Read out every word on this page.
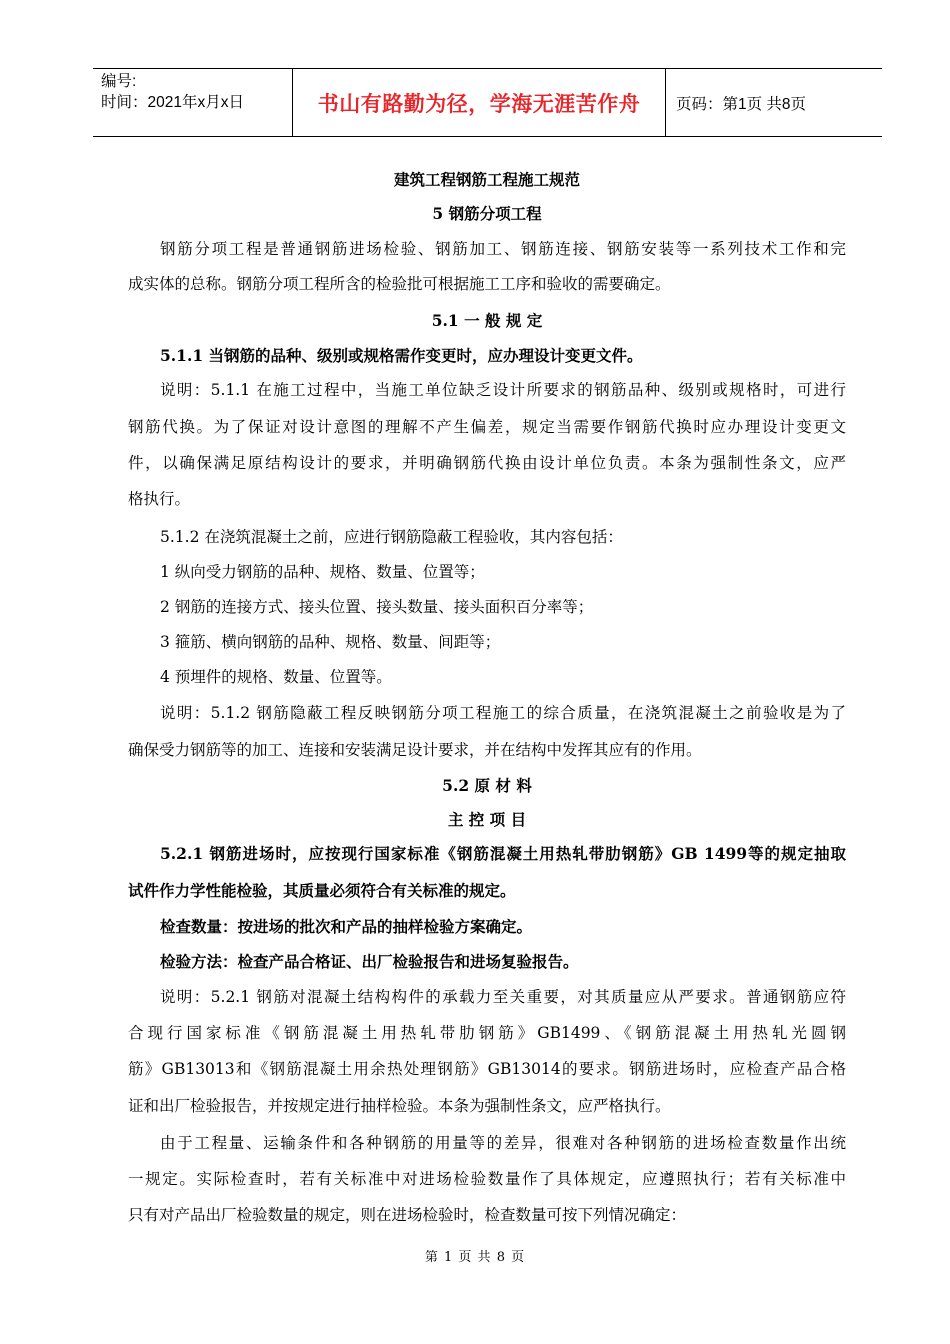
编号:
时间：2021年x月x日	书山有路勤为径，学海无涯苦作舟	页码：第1页 共8页
建筑工程钢筋工程施工规范
5 钢筋分项工程
钢筋分项工程是普通钢筋进场检验、钢筋加工、钢筋连接、钢筋安装等一系列技术工作和完
成实体的总称。钢筋分项工程所含的检验批可根据施工工序和验收的需要确定。
5.1 一 般 规 定
5.1.1 当钢筋的品种、级别或规格需作变更时，应办理设计变更文件。
说明：5.1.1 在施工过程中，当施工单位缺乏设计所要求的钢筋品种、级别或规格时，可进行
钢筋代换。为了保证对设计意图的理解不产生偏差，规定当需要作钢筋代换时应办理设计变更文
件，以确保满足原结构设计的要求，并明确钢筋代换由设计单位负责。本条为强制性条文，应严
格执行。
5.1.2 在浇筑混凝土之前，应进行钢筋隐蔽工程验收，其内容包括：
1 纵向受力钢筋的品种、规格、数量、位置等；
2 钢筋的连接方式、接头位置、接头数量、接头面积百分率等；
3 箍筋、横向钢筋的品种、规格、数量、间距等；
4 预埋件的规格、数量、位置等。
说明：5.1.2 钢筋隐蔽工程反映钢筋分项工程施工的综合质量，在浇筑混凝土之前验收是为了
确保受力钢筋等的加工、连接和安装满足设计要求，并在结构中发挥其应有的作用。
5.2 原 材 料
主 控 项 目
5.2.1 钢筋进场时，应按现行国家标准《钢筋混凝土用热轧带肋钢筋》GB 1499等的规定抽取
试件作力学性能检验，其质量必须符合有关标准的规定。
检查数量：按进场的批次和产品的抽样检验方案确定。
检验方法：检查产品合格证、出厂检验报告和进场复验报告。
说明：5.2.1 钢筋对混凝土结构构件的承载力至关重要，对其质量应从严要求。普通钢筋应符
合现行国家标准《钢筋混凝土用热轧带肋钢筋》GB1499、《钢筋混凝土用热轧光圆钢
筋》GB13013和《钢筋混凝土用余热处理钢筋》GB13014的要求。钢筋进场时，应检查产品合格
证和出厂检验报告，并按规定进行抽样检验。本条为强制性条文，应严格执行。
由于工程量、运输条件和各种钢筋的用量等的差异，很难对各种钢筋的进场检查数量作出统
一规定。实际检查时，若有关标准中对进场检验数量作了具体规定，应遵照执行；若有关标准中
只有对产品出厂检验数量的规定，则在进场检验时，检查数量可按下列情况确定：
第 1 页 共 8 页
